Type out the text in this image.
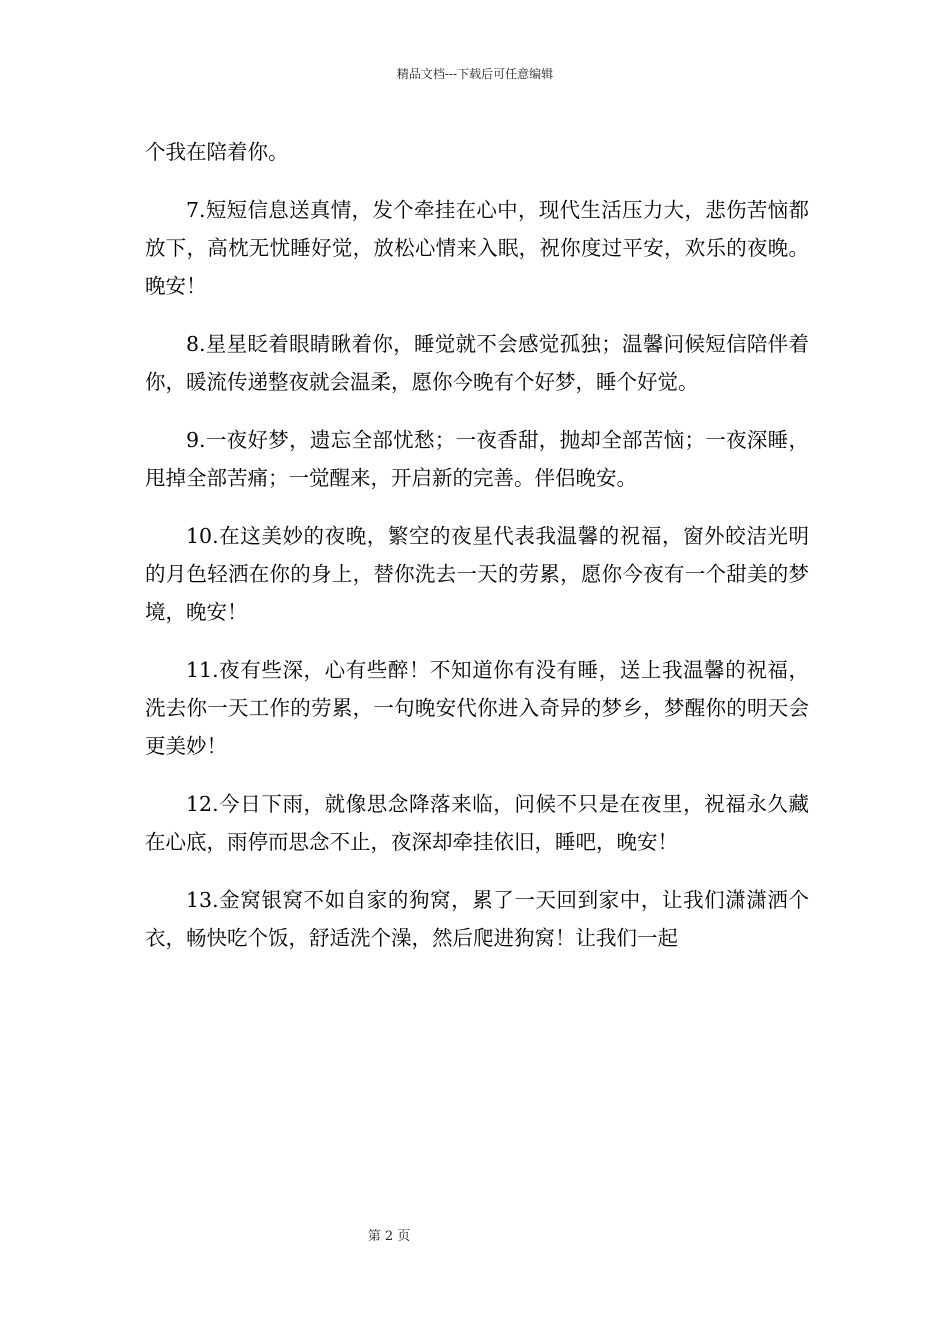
精品文档---下载后可任意编辑

个我在陪着你。

7.短短信息送真情，发个牵挂在心中，现代生活压力大，悲伤苦恼都放下，高枕无忧睡好觉，放松心情来入眠，祝你度过平安，欢乐的夜晚。晚安！

8.星星眨着眼睛瞅着你，睡觉就不会感觉孤独；温馨问候短信陪伴着你，暖流传递整夜就会温柔，愿你今晚有个好梦，睡个好觉。

9.一夜好梦，遗忘全部忧愁；一夜香甜，抛却全部苦恼；一夜深睡，甩掉全部苦痛；一觉醒来，开启新的完善。伴侣晚安。

10.在这美妙的夜晚，繁空的夜星代表我温馨的祝福，窗外皎洁光明的月色轻洒在你的身上，替你洗去一天的劳累，愿你今夜有一个甜美的梦境，晚安！

11.夜有些深，心有些醉！不知道你有没有睡，送上我温馨的祝福，洗去你一天工作的劳累，一句晚安代你进入奇异的梦乡，梦醒你的明天会更美妙！

12.今日下雨，就像思念降落来临，问候不只是在夜里，祝福永久藏在心底，雨停而思念不止，夜深却牵挂依旧，睡吧，晚安！

13.金窝银窝不如自家的狗窝，累了一天回到家中，让我们潇潇洒个衣，畅快吃个饭，舒适洗个澡，然后爬进狗窝！让我们一起

第 2 页
